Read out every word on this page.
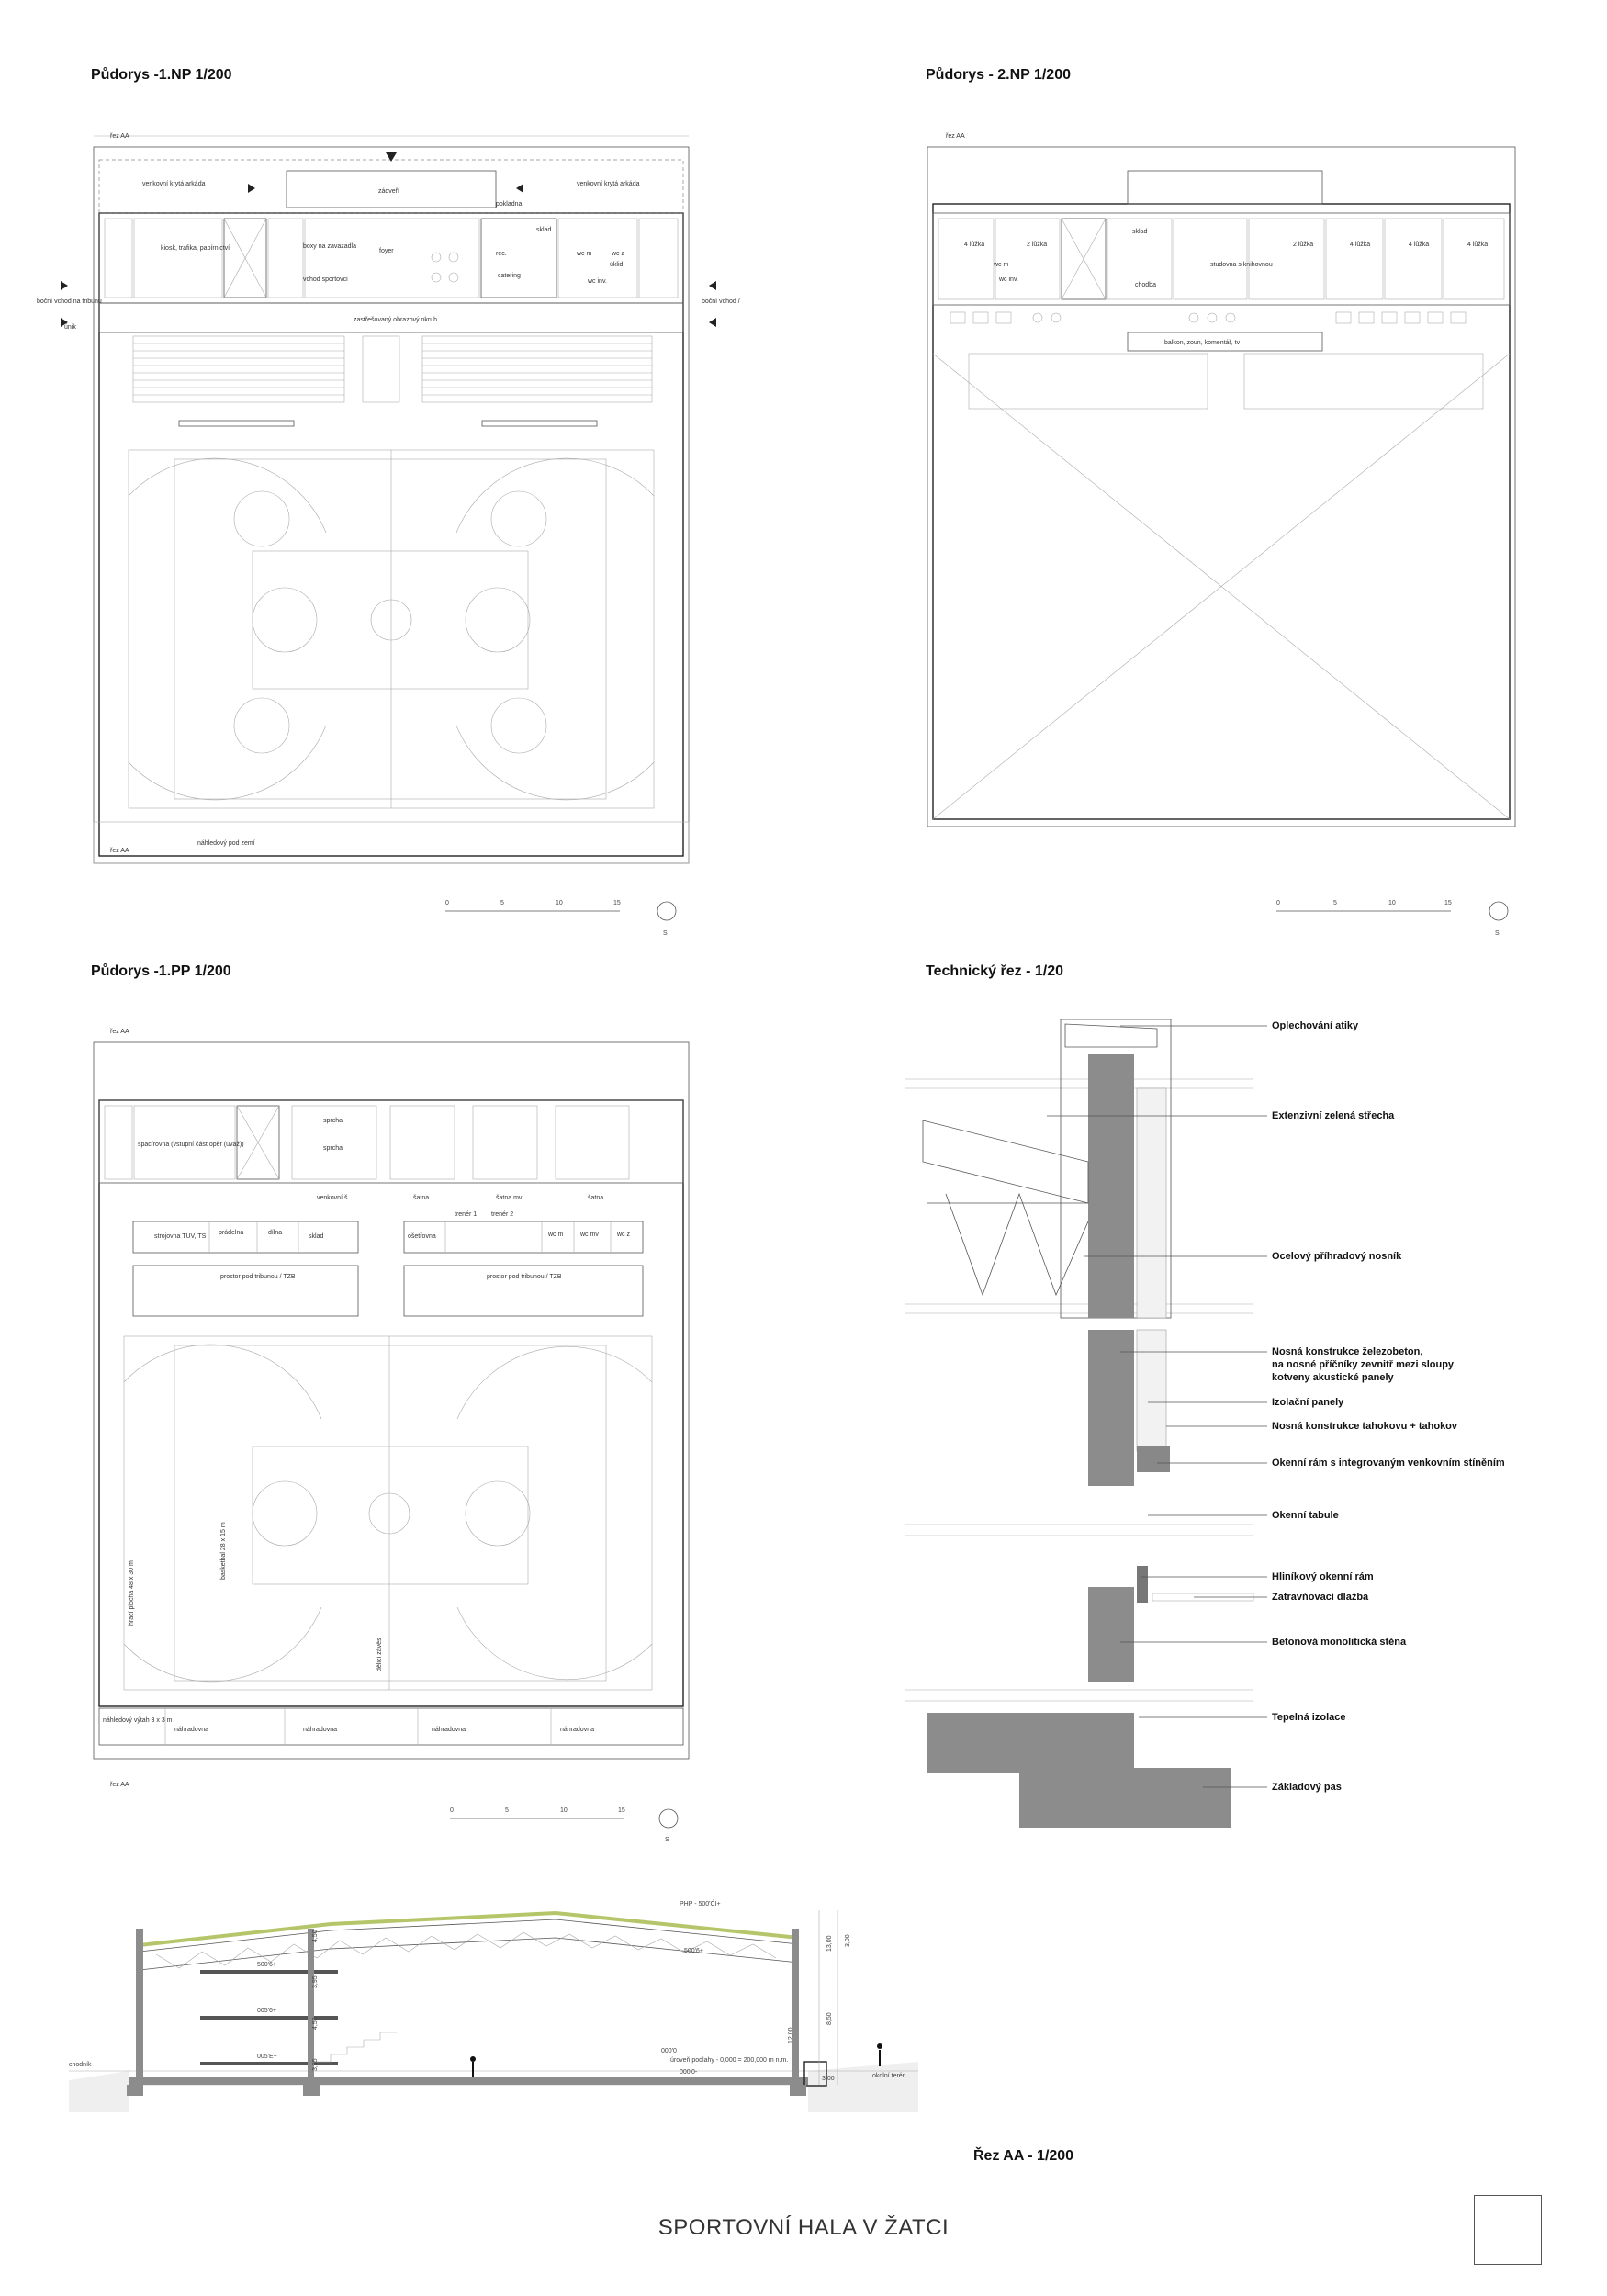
Půdorys -1.NP 1/200	Půdorys - 2.NP 1/200
Půdorys -1.PP 1/200	Technický řez - 1/20
Řez AA - 1/200
SPORTOVNÍ HALA V ŽATCI
řez AA
řez AA
venkovní krytá arkáda	venkovní krytá arkáda
zádveří
kiosk, trafika, papírnictví	boxy na zavazadla
foyer
vchod sportovci
pokladna
sklad
rec.
catering
wc m	wc z
wc inv.
úklid
zastřešovaný obrazový okruh
boční vchod na tribunu
únik
boční vchod /
náhledový pod zemí
0	5	10	15
S
řez AA
4 lůžka	2 lůžka
sklad
chodba
studovna s knihovnou
2 lůžka	4 lůžka	4 lůžka	4 lůžka
wc m
wc inv.
balkon, zoun, komentář, tv
0	5	10	15
S
řez AA
řez AA
spacírovna (vstupní část opěr (uvaž))
sprcha
sprcha
venkovní š.	šatna	šatna mv	šatna
trenér 1 trenér 2
strojovna TUV, TS
prádelna	dílna
sklad	ošetřovna	wc m	wc mv	wc z
prostor pod tribunou / TZB	prostor pod tribunou / TZB
hrací plocha 48 x 30 m
basketbal 28 x 15 m
dělicí závěs
náhledový výtah 3 x 3 m
náhradovna	náhradovna	náhradovna	náhradovna
0	5	10	15
S
Oplechování atiky
Extenzivní zelená střecha
Ocelový příhradový nosník
Nosná konstrukce železobeton,
na nosné příčníky zevnitř mezi sloupy
kotveny akustické panely
Izolační panely
Nosná konstrukce tahokovu + tahokov
Okenní rám s integrovaným venkovním stíněním
Okenní tabule
Hliníkový okenní rám
Zatravňovací dlažba
Betonová monolitická stěna
Tepelná izolace
Základový pas
PHP - 500'ĆI+
500'6+
500'6+
005'6+
005'E+
000'0
000'0-
4,50
3,95
13,00
8,50
12,00
4,50
3,95
3,00
3,00
chodník
okolní terén
úroveň podlahy - 0,000 = 200,000 m n.m.
